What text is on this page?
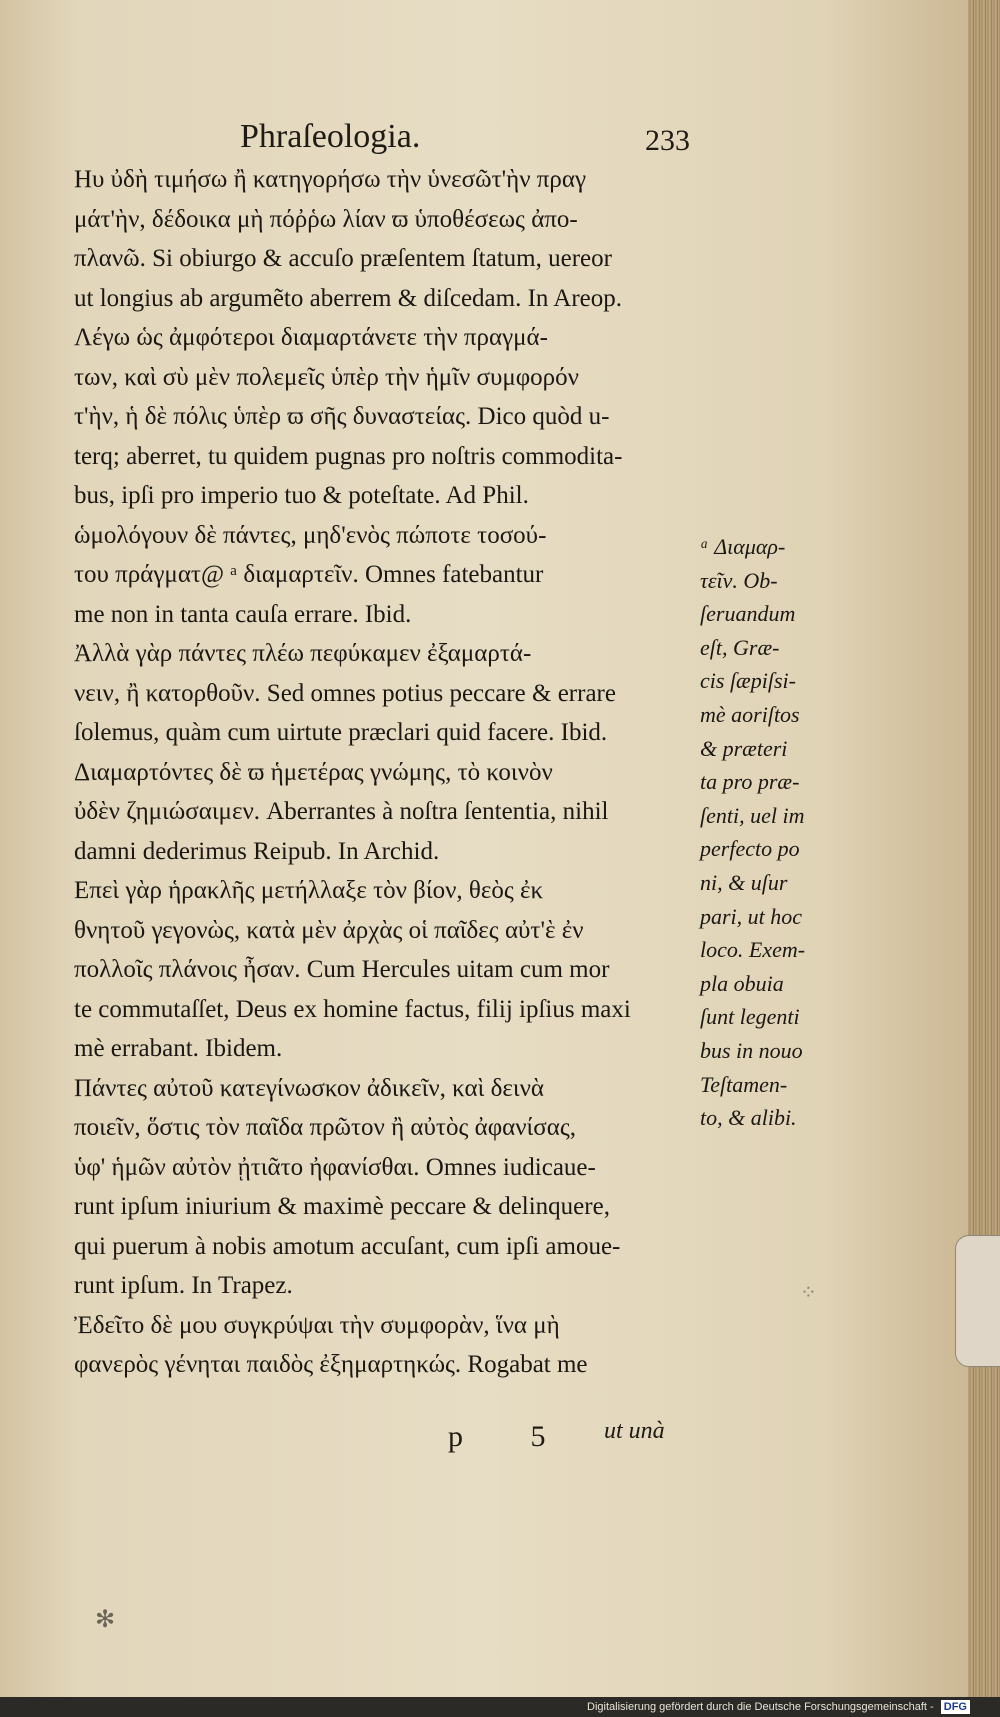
Phraſeologia.	233
Ηυ ὐδὴ τιμήσω ἢ κατηγορήσω τὴν ὑνεσῶτ'ὴν πραγ
μάτ'ὴν, δέδοικα μὴ πόῤῥω λίαν ϖ ὑποθέσεως ἀπο-
πλανῶ. Si obiurgo & accuſo præſentem ſtatum, uereor
ut longius ab argumẽto aberrem & diſcedam. In Areop.
Λέγω ὡς ἀμφότεροι διαμαρτάνετε τὴν πραγμά-
των, καὶ σὺ μὲν πολεμεῖς ὑπὲρ τὴν ἡμῖν συμφορόν
τ'ὴν, ἡ δὲ πόλις ὑπὲρ ϖ σῆς δυναστείας. Dico quòd u-
terq; aberret, tu quidem pugnas pro noſtris commodita-
bus, ipſi pro imperio tuo & poteſtate. Ad Phil.
ὡμολόγουν δὲ πάντες, μηδ'ενὸς πώποτε τοσού-
του πράγματ@ ᵃ διαμαρτεῖν. Omnes fatebantur
me non in tanta cauſa errare. Ibid.
Ἀλλὰ γὰρ πάντες πλέω πεφύκαμεν ἐξαμαρτά-
νειν, ἢ κατορθοῦν. Sed omnes potius peccare & errare
ſolemus, quàm cum uirtute præclari quid facere. Ibid.
Διαμαρτόντες δὲ ϖ ἡμετέρας γνώμης, τὸ κοινὸν
ὐδὲν ζημιώσαιμεν. Aberrantes à noſtra ſententia, nihil
damni dederimus Reipub. In Archid.
Επεὶ γὰρ ἡρακλῆς μετήλλαξε τὸν βίον, θεὸς ἐκ
θνητοῦ γεγονὼς, κατὰ μὲν ἀρχὰς οἱ παῖδες αὐτ'ὲ ἐν
πολλοῖς πλάνοις ἦσαν. Cum Hercules uitam cum mor
te commutaſſet, Deus ex homine factus, filij ipſius maxi
mè errabant. Ibidem.
Πάντες αὐτοῦ κατεγίνωσκον ἀδικεῖν, καὶ δεινὰ
ποιεῖν, ὅστις τὸν παῖδα πρῶτον ἢ αὐτὸς ἀφανίσας,
ὑφ' ἡμῶν αὐτὸν ᾐτιᾶτο ἠφανίσθαι. Omnes iudicaue-
runt ipſum iniurium & maximè peccare & delinquere,
qui puerum à nobis amotum accuſant, cum ipſi amoue-
runt ipſum. In Trapez.
Ἐδεῖτο δὲ μου συγκρύψαι τὴν συμφορὰν, ἵνα μὴ
φανερὸς γένηται παιδὸς ἐξημαρτηκώς. Rogabat me
ᵃ Διαμαρ-
τεῖν. Ob-
ſeruandum
eſt, Græ-
cis ſæpiſsi-
mè aoriſtos
& præteri
ta pro præ-
ſenti, uel im
perfecto po
ni, & uſur
pari, ut hoc
loco. Exem-
pla obuia
ſunt legenti
bus in nouo
Teſtamen-
to, & alibi.
p 5 ut unà
✻
⁘
Digitalisierung gefördert durch die Deutsche Forschungsgemeinschaft - DFG
